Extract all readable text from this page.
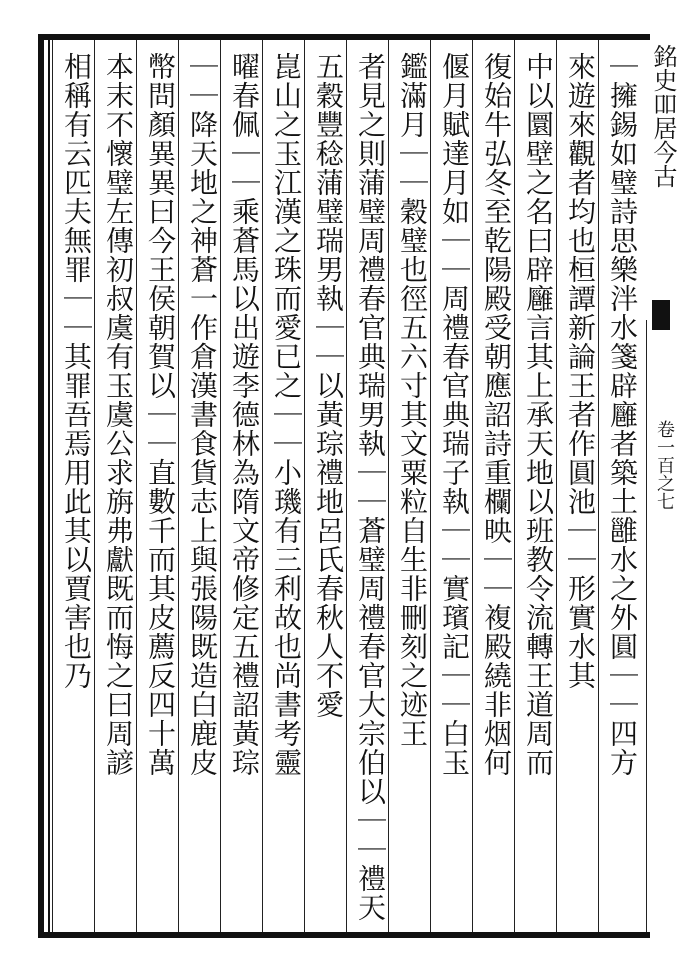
銘史吅居今古
卷一百之七
｜擁錫如璧詩思樂泮水箋辟廱者築土雝水之外圓｜｜四方
來遊來觀者均也桓譚新論王者作圓池｜｜形實水其
中以圜壁之名曰辟廱言其上承天地以班教令流轉王道周而
復始牛弘冬至乾陽殿受朝應詔詩重欄映｜｜複殿繞非烟何
偃月賦達月如｜｜周禮春官典瑞子執｜｜實璸記｜｜白玉
鑑滿月｜｜穀璧也徑五六寸其文粟粒自生非刪刻之迹王
者見之則蒲璧周禮春官典瑞男執｜｜蒼璧周禮春官大宗伯以｜｜禮天
五穀豐稔蒲璧瑞男執｜｜以黃琮禮地呂氏春秋人不愛
崑山之玉江漢之珠而愛已之｜｜小璣有三利故也尚書考靈
曜春佩｜｜乘蒼馬以出遊李德林為隋文帝修定五禮詔黃琮
｜｜降天地之神蒼一作倉漢書食貨志上與張陽既造白鹿皮
幣問顏異異曰今王侯朝賀以｜｜直數千而其皮薦反四十萬
本末不懷璧左傳初叔虞有玉虞公求旃弗獻既而悔之曰周諺
相稱有云匹夫無罪｜｜其罪吾焉用此其以賈害也乃
